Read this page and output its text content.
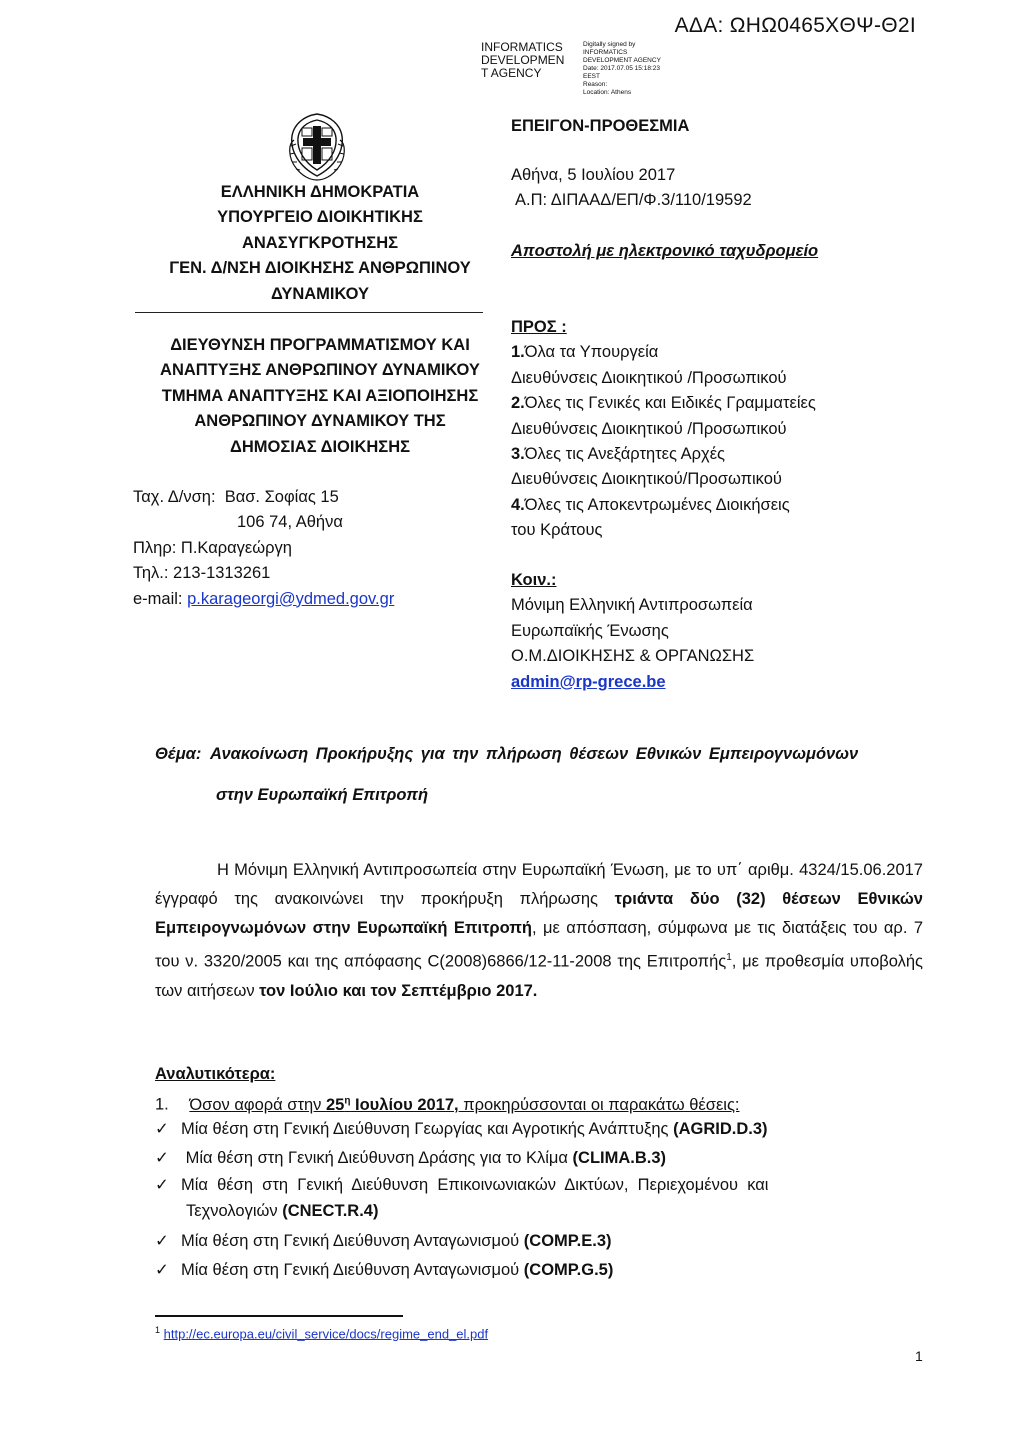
ΑΔΑ: ΩΗΩ0465ΧΘΨ-Θ2Ι
INFORMATICS
DEVELOPMEN
T AGENCY
Digitally signed by
INFORMATICS
DEVELOPMENT AGENCY
Date: 2017.07.05 15:18:23
EEST
Reason:
Location: Athens
ΕΛΛΗΝΙΚΗ ΔΗΜΟΚΡΑΤΙΑ
ΥΠΟΥΡΓΕΙΟ ΔΙΟΙΚΗΤΙΚΗΣ
ΑΝΑΣΥΓΚΡΟΤΗΣΗΣ
ΓΕΝ. Δ/ΝΣΗ ΔΙΟΙΚΗΣΗΣ ΑΝΘΡΩΠΙΝΟΥ
ΔΥΝΑΜΙΚΟΥ
ΔΙΕΥΘΥΝΣΗ ΠΡΟΓΡΑΜΜΑΤΙΣΜΟΥ ΚΑΙ
ΑΝΑΠΤΥΞΗΣ ΑΝΘΡΩΠΙΝΟΥ ΔΥΝΑΜΙΚΟΥ
ΤΜΗΜΑ ΑΝΑΠΤΥΞΗΣ ΚΑΙ ΑΞΙΟΠΟΙΗΣΗΣ
ΑΝΘΡΩΠΙΝΟΥ ΔΥΝΑΜΙΚΟΥ ΤΗΣ
ΔΗΜΟΣΙΑΣ ΔΙΟΙΚΗΣΗΣ
Ταχ. Δ/νση: Βασ. Σοφίας 15
106 74, Αθήνα
Πληρ: Π.Καραγεώργη
Τηλ.: 213-1313261
e-mail: p.karageorgi@ydmed.gov.gr
ΕΠΕΙΓΟΝ-ΠΡΟΘΕΣΜΙΑ
Αθήνα, 5 Ιουλίου 2017
Α.Π: ΔΙΠΑΑΔ/ΕΠ/Φ.3/110/19592
Αποστολή με ηλεκτρονικό ταχυδρομείο
ΠΡΟΣ :
1.Όλα τα Υπουργεία
Διευθύνσεις Διοικητικού /Προσωπικού
2.Όλες τις Γενικές και Ειδικές Γραμματείες
Διευθύνσεις Διοικητικού /Προσωπικού
3.Όλες τις Ανεξάρτητες Αρχές
Διευθύνσεις Διοικητικού/Προσωπικού
4.Όλες τις Αποκεντρωμένες Διοικήσεις
του Κράτους
Κοιν.:
Μόνιμη Ελληνική Αντιπροσωπεία
Ευρωπαϊκής Ένωσης
Ο.Μ.ΔΙΟΙΚΗΣΗΣ & ΟΡΓΑΝΩΣΗΣ
admin@rp-grece.be
Θέμα: Ανακοίνωση Προκήρυξης για την πλήρωση θέσεων Εθνικών Εμπειρογνωμόνων
στην Ευρωπαϊκή Επιτροπή
Η Μόνιμη Ελληνική Αντιπροσωπεία στην Ευρωπαϊκή Ένωση, με το υπ΄ αριθμ. 4324/15.06.2017 έγγραφό της ανακοινώνει την προκήρυξη πλήρωσης τριάντα δύο (32) θέσεων Εθνικών Εμπειρογνωμόνων στην Ευρωπαϊκή Επιτροπή, με απόσπαση, σύμφωνα με τις διατάξεις του αρ. 7 του ν. 3320/2005 και της απόφασης C(2008)6866/12-11-2008 της Επιτροπής$^1$, με προθεσμία υποβολής των αιτήσεων τον Ιούλιο και τον Σεπτέμβριο 2017.
Αναλυτικότερα:
1. Όσον αφορά στην $25^\eta$ Ιουλίου 2017, προκηρύσσονται οι παρακάτω θέσεις:
✓ Μία θέση στη Γενική Διεύθυνση Γεωργίας και Αγροτικής Ανάπτυξης (AGRID.D.3)
✓ Μία θέση στη Γενική Διεύθυνση Δράσης για το Κλίμα (CLIMA.B.3)
✓ Μία  θέση  στη  Γενική  Διεύθυνση  Επικοινωνιακών  Δικτύων,  Περιεχομένου  και
Τεχνολογιών (CNECT.R.4)
✓ Μία θέση στη Γενική Διεύθυνση Ανταγωνισμού (COMP.E.3)
✓ Μία θέση στη Γενική Διεύθυνση Ανταγωνισμού (COMP.G.5)
$^1$ http://ec.europa.eu/civil_service/docs/regime_end_el.pdf
1
